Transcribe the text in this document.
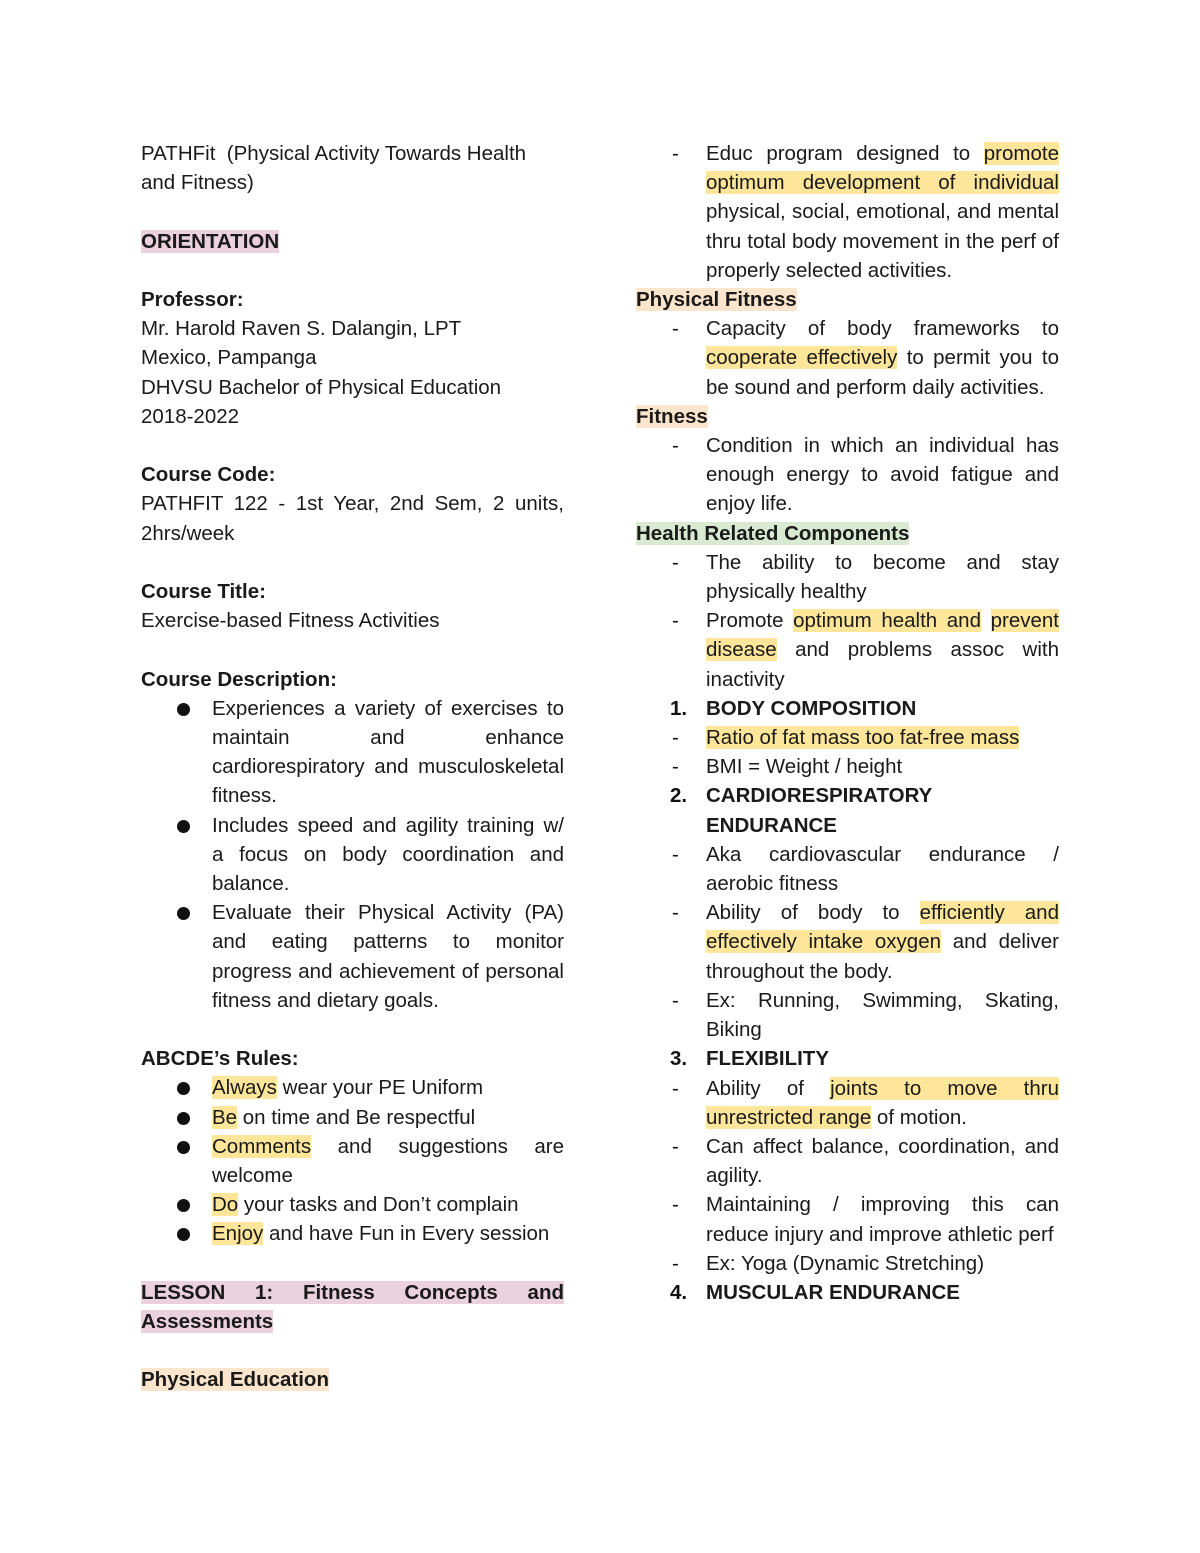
PATHFit  (Physical Activity Towards Health
and Fitness)
ORIENTATION
Professor:
Mr. Harold Raven S. Dalangin, LPT
Mexico, Pampanga
DHVSU Bachelor of Physical Education
2018-2022
Course Code:
PATHFIT 122 - 1st Year, 2nd Sem, 2 units, 2hrs/week
Course Title:
Exercise-based Fitness Activities
Course Description:
Experiences a variety of exercises to maintain and enhance cardiorespiratory and musculoskeletal fitness.
Includes speed and agility training w/ a focus on body coordination and balance.
Evaluate their Physical Activity (PA) and eating patterns to monitor progress and achievement of personal fitness and dietary goals.
ABCDE’s Rules:
Always wear your PE Uniform
Be on time and Be respectful
Comments and suggestions are welcome
Do your tasks and Don’t complain
Enjoy and have Fun in Every session
LESSON 1: Fitness Concepts and Assessments
Physical Education
- Educ program designed to promote optimum development of individual physical, social, emotional, and mental thru total body movement in the perf of properly selected activities.
Physical Fitness
- Capacity of body frameworks to cooperate effectively to permit you to be sound and perform daily activities.
Fitness
- Condition in which an individual has enough energy to avoid fatigue and enjoy life.
Health Related Components
- The ability to become and stay physically healthy
- Promote optimum health and prevent disease and problems assoc with inactivity
1. BODY COMPOSITION
- Ratio of fat mass too fat-free mass
- BMI = Weight / height
2. CARDIORESPIRATORY ENDURANCE
- Aka cardiovascular endurance / aerobic fitness
- Ability of body to efficiently and effectively intake oxygen and deliver throughout the body.
- Ex: Running, Swimming, Skating, Biking
3. FLEXIBILITY
- Ability of joints to move thru unrestricted range of motion.
- Can affect balance, coordination, and agility.
- Maintaining / improving this can reduce injury and improve athletic perf
- Ex: Yoga (Dynamic Stretching)
4. MUSCULAR ENDURANCE
